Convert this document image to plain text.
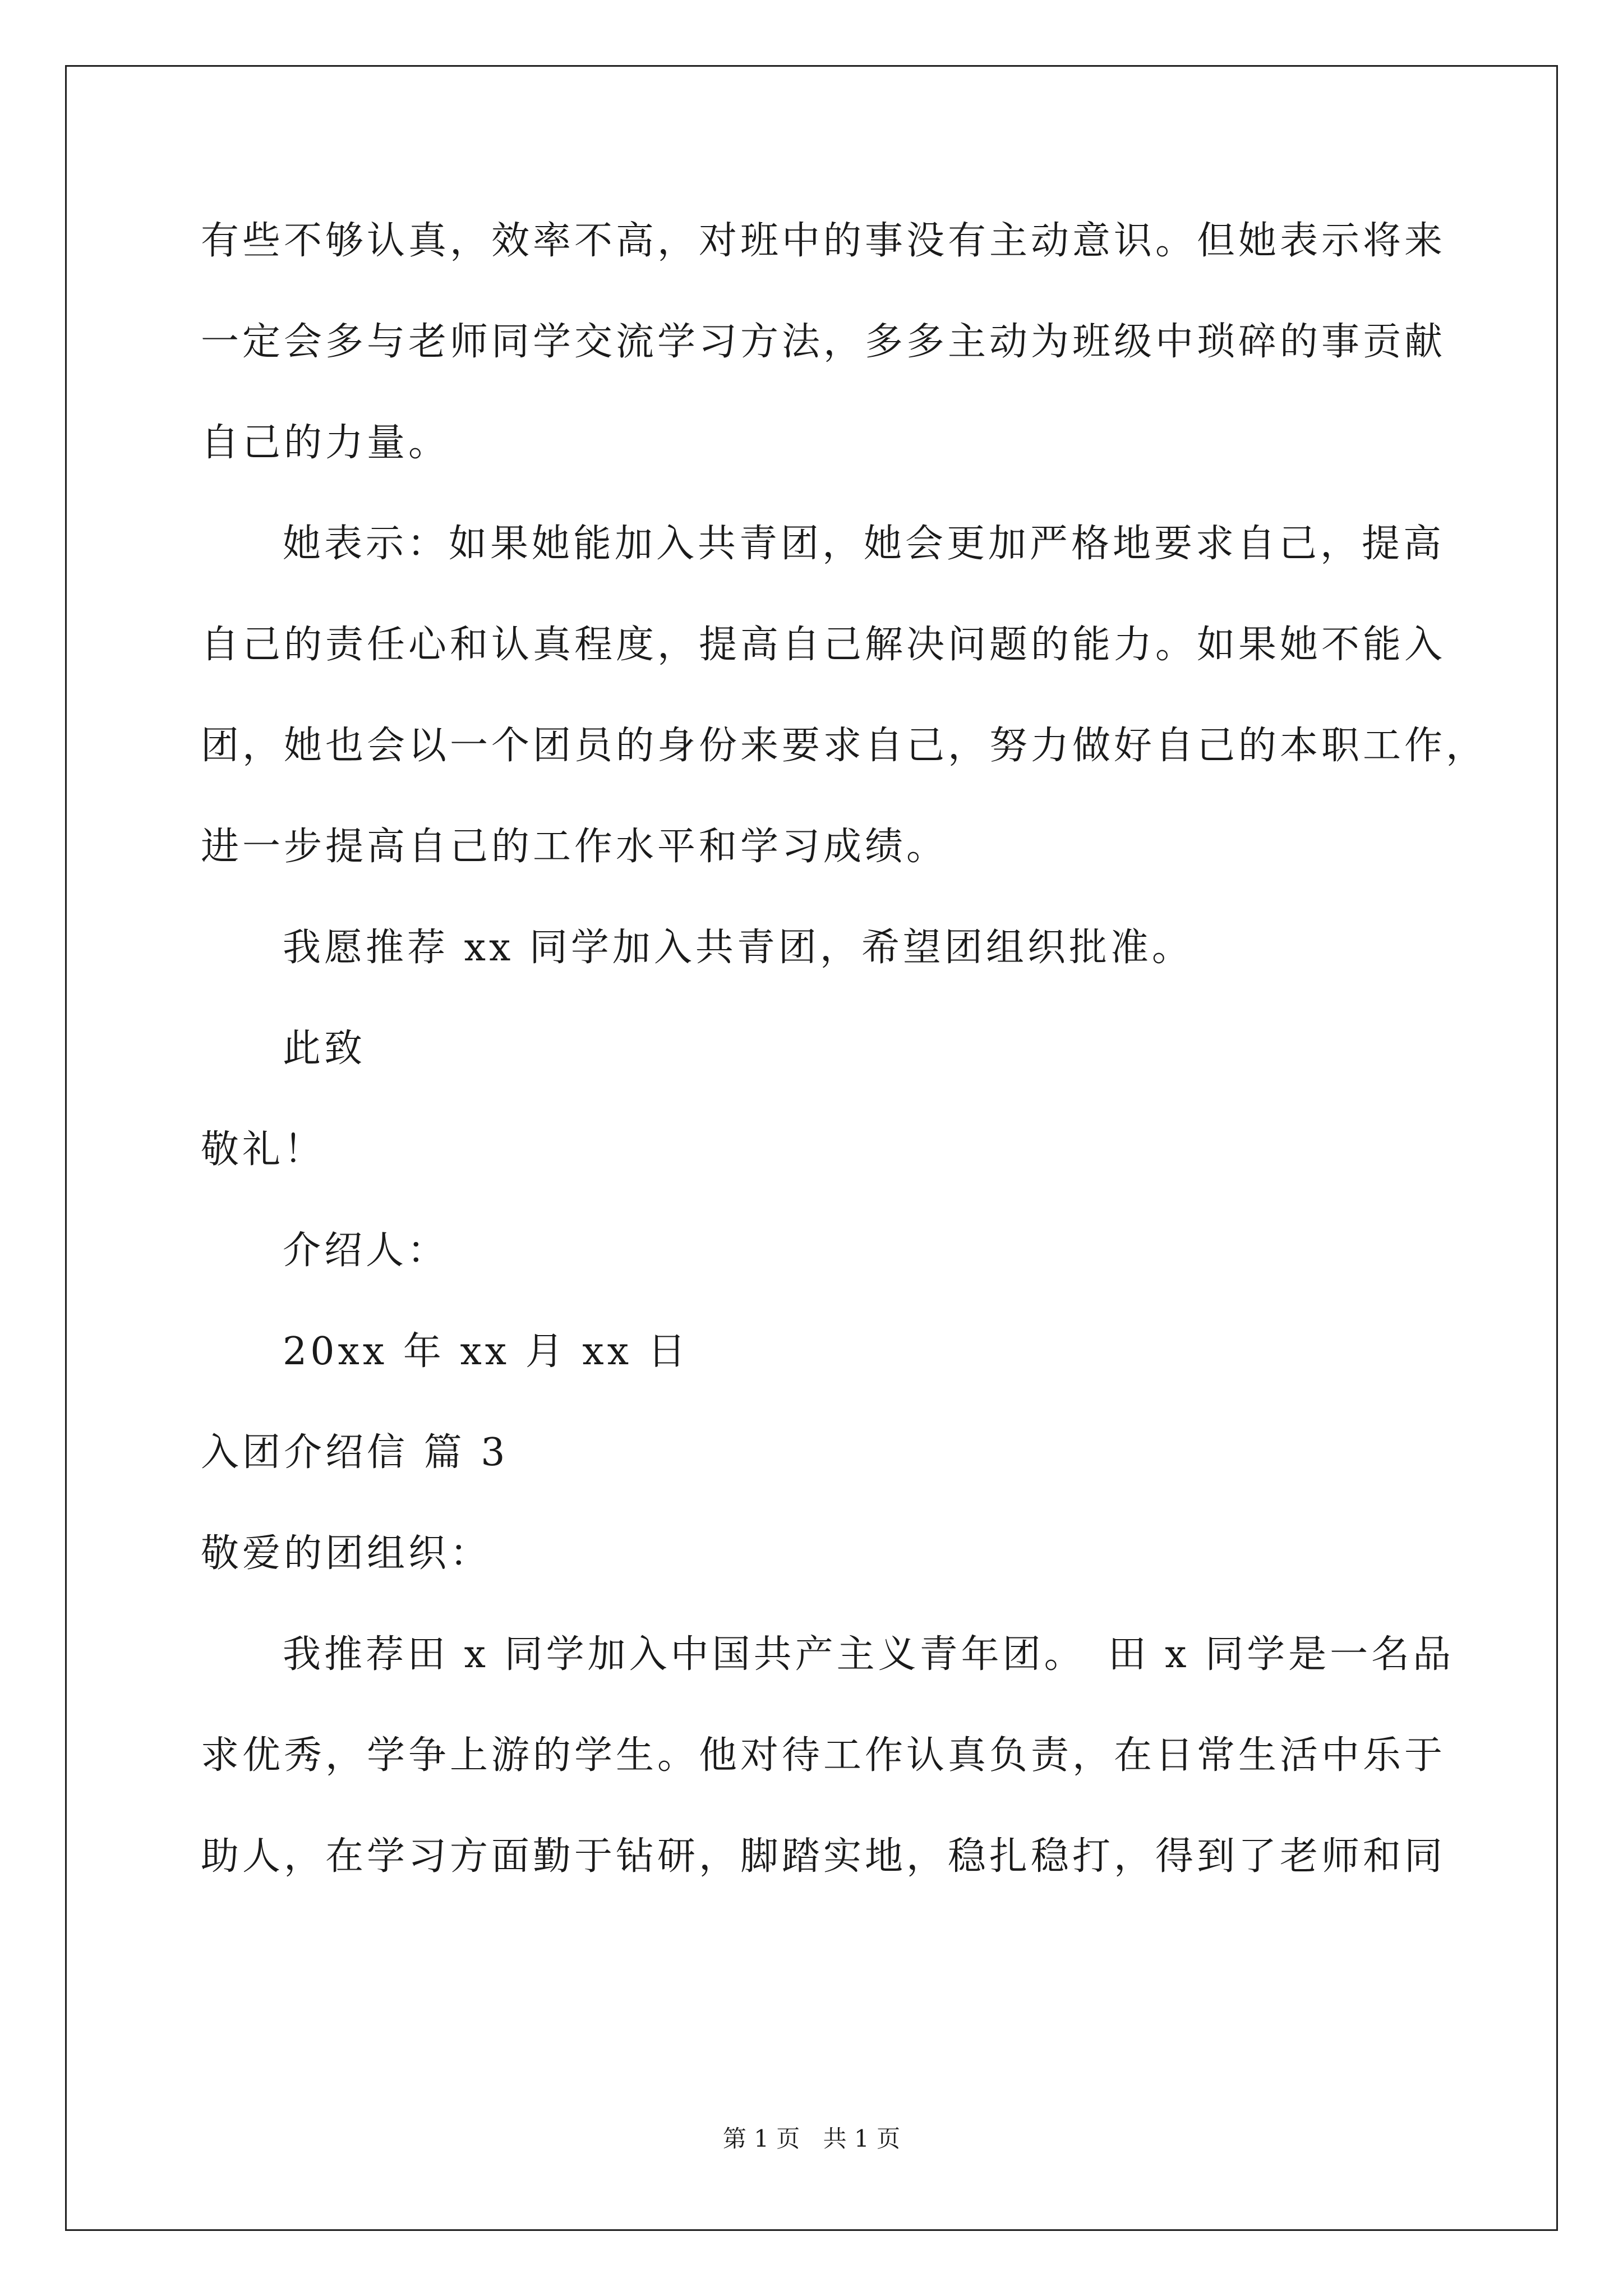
有些不够认真，效率不高，对班中的事没有主动意识。但她表示将来
一定会多与老师同学交流学习方法，多多主动为班级中琐碎的事贡献
自己的力量。
她表示：如果她能加入共青团，她会更加严格地要求自己，提高
自己的责任心和认真程度，提高自己解决问题的能力。如果她不能入
团，她也会以一个团员的身份来要求自己，努力做好自己的本职工作，
进一步提高自己的工作水平和学习成绩。
我愿推荐 xx 同学加入共青团，希望团组织批准。
此致
敬礼！
介绍人：
20xx 年 xx 月 xx 日
入团介绍信 篇 3
敬爱的团组织：
我推荐田 x 同学加入中国共产主义青年团。　田 x 同学是一名品
求优秀，学争上游的学生。他对待工作认真负责，在日常生活中乐于
助人，在学习方面勤于钻研，脚踏实地，稳扎稳打，得到了老师和同
第 1 页 共 1 页
